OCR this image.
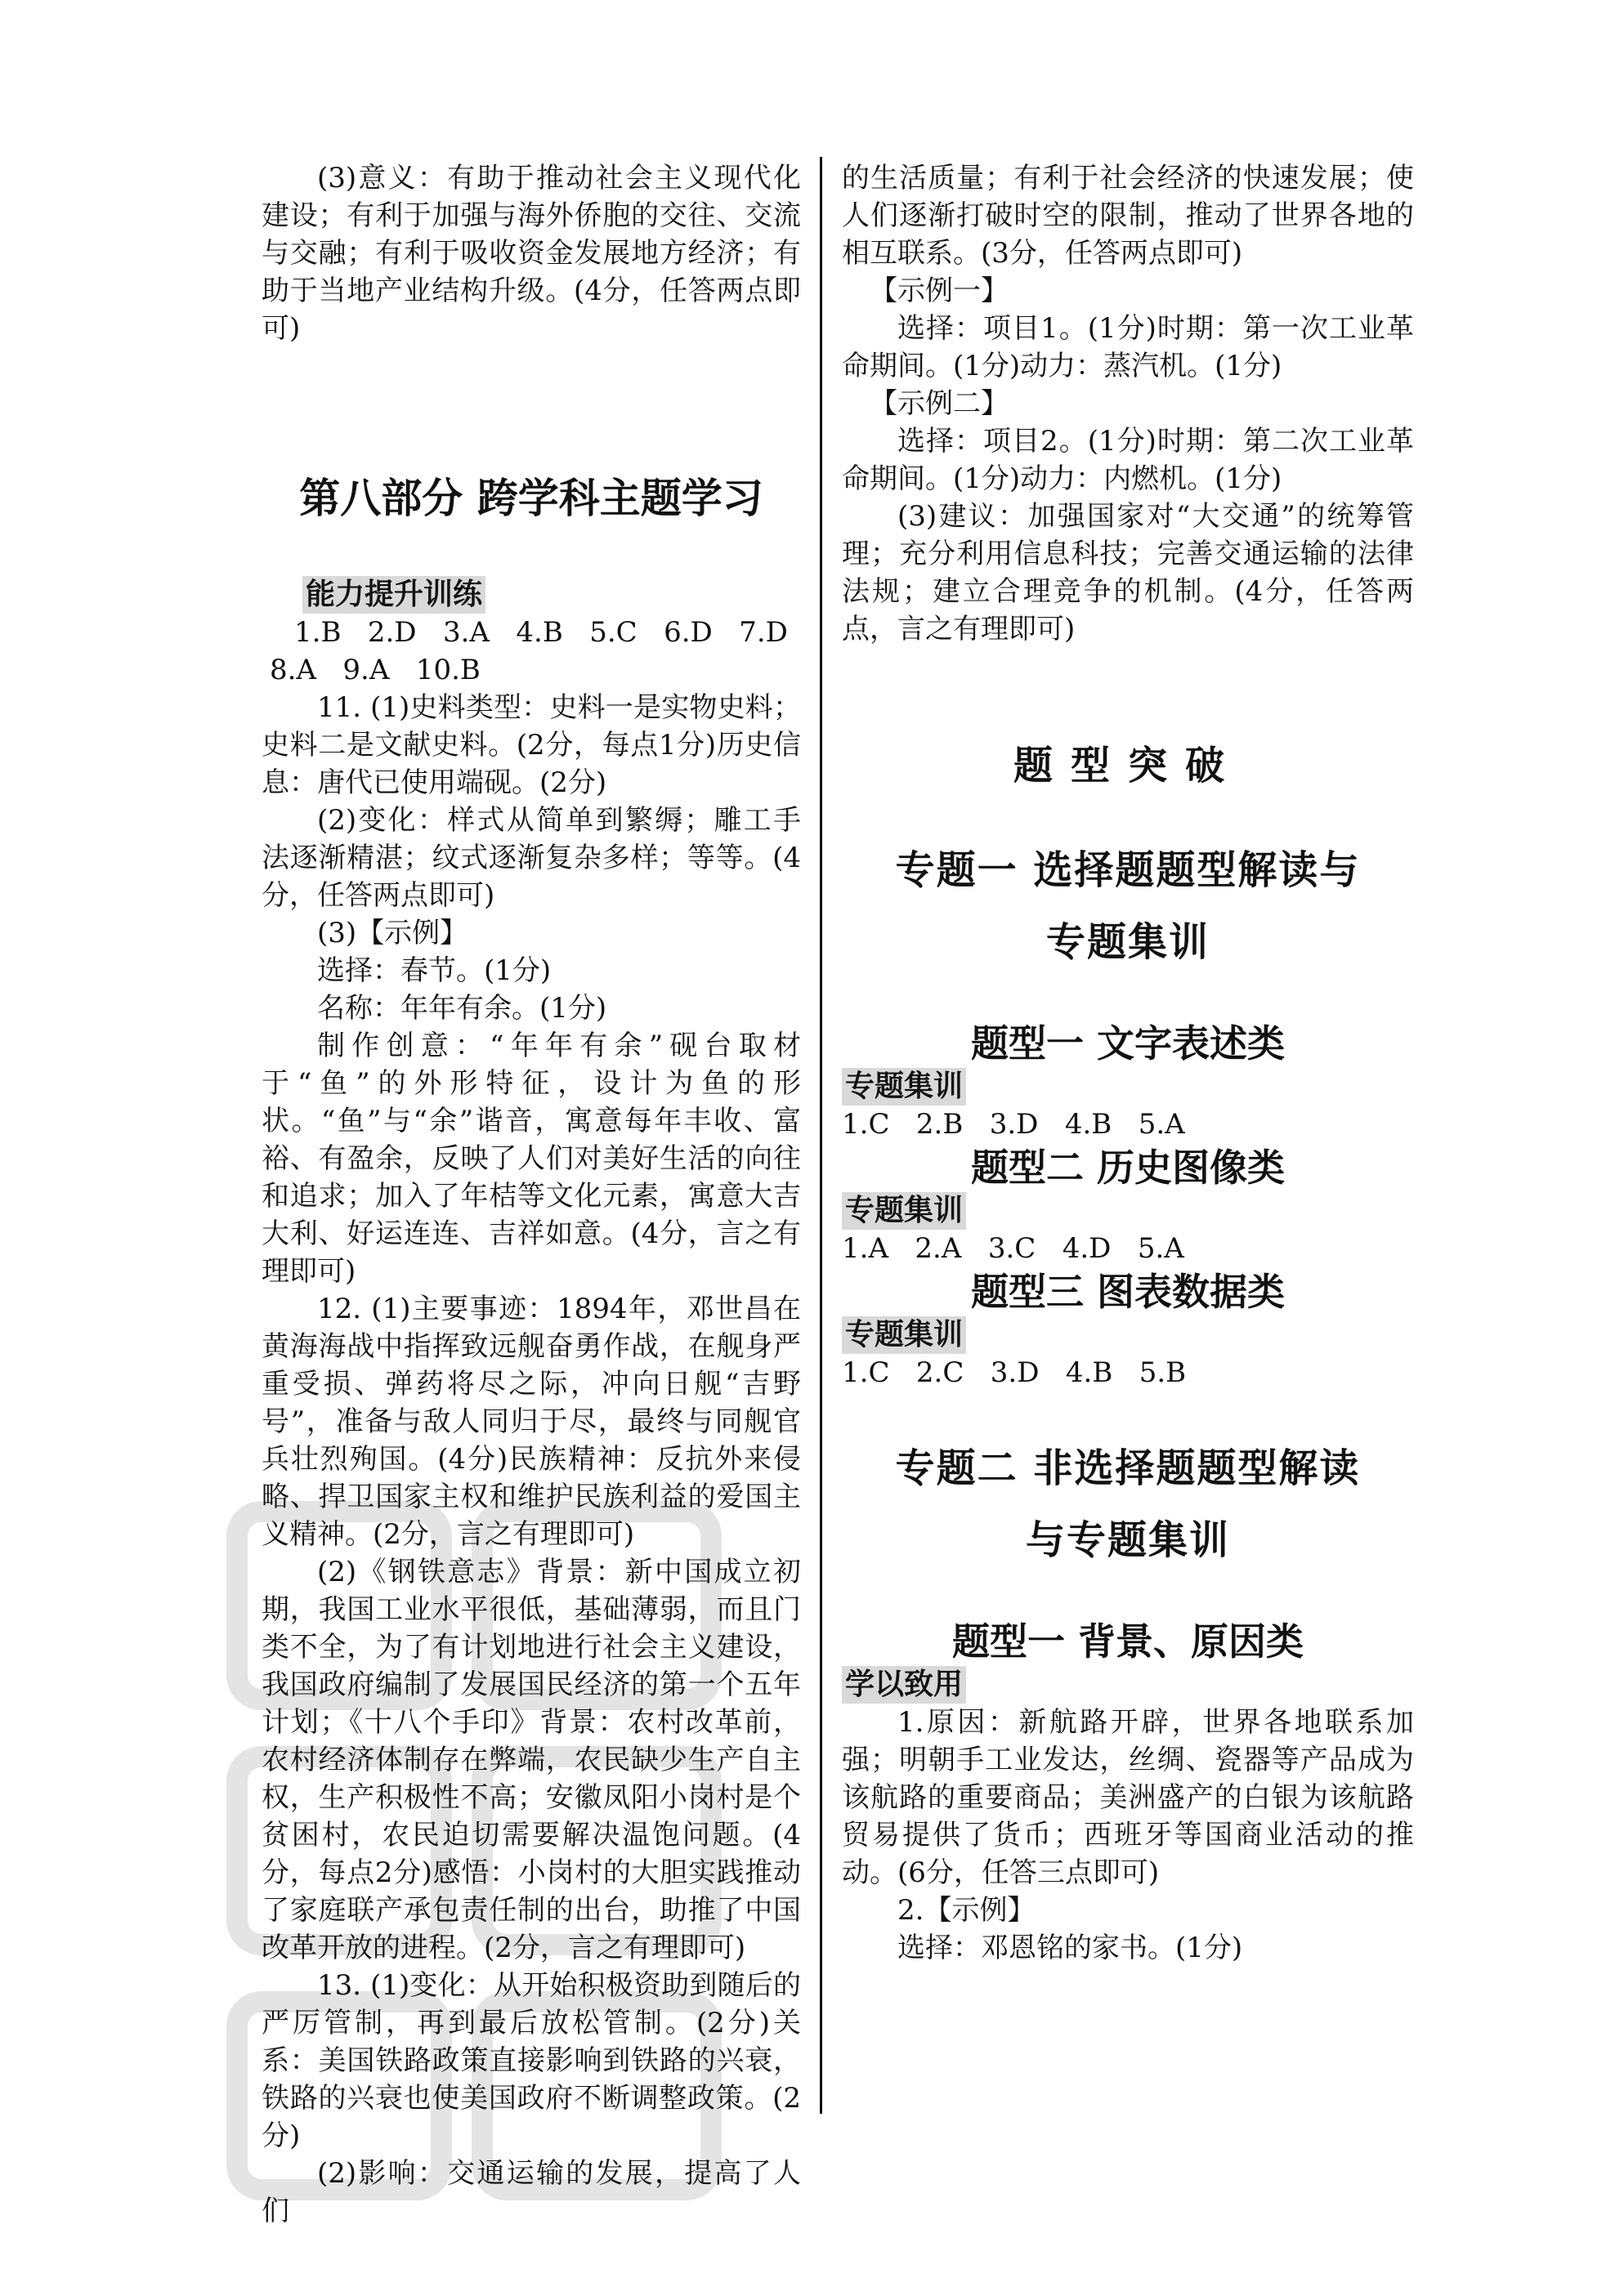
(3)意义：有助于推动社会主义现代化建设；有利于加强与海外侨胞的交往、交流与交融；有利于吸收资金发展地方经济；有助于当地产业结构升级。(4分，任答两点即可)

第八部分 跨学科主题学习

能力提升训练

1.B   2.D   3.A   4.B   5.C   6.D   7.D

8.A   9.A   10.B

11. (1)史料类型：史料一是实物史料；史料二是文献史料。(2分，每点1分)历史信息：唐代已使用端砚。(2分)

(2)变化：样式从简单到繁缛；雕工手法逐渐精湛；纹式逐渐复杂多样；等等。(4分，任答两点即可)

(3)【示例】

选择：春节。(1分)

名称：年年有余。(1分)

制作创意：“年年有余”砚台取材于“鱼”的外形特征，设计为鱼的形状。“鱼”与“余”谐音，寓意每年丰收、富裕、有盈余，反映了人们对美好生活的向往和追求；加入了年桔等文化元素，寓意大吉大利、好运连连、吉祥如意。(4分，言之有理即可)

12. (1)主要事迹：1894年，邓世昌在黄海海战中指挥致远舰奋勇作战，在舰身严重受损、弹药将尽之际，冲向日舰“吉野号”，准备与敌人同归于尽，最终与同舰官兵壮烈殉国。(4分)民族精神：反抗外来侵略、捍卫国家主权和维护民族利益的爱国主义精神。(2分，言之有理即可)

(2)《钢铁意志》背景：新中国成立初期，我国工业水平很低，基础薄弱，而且门类不全，为了有计划地进行社会主义建设，我国政府编制了发展国民经济的第一个五年计划；《十八个手印》背景：农村改革前，农村经济体制存在弊端，农民缺少生产自主权，生产积极性不高；安徽凤阳小岗村是个贫困村，农民迫切需要解决温饱问题。(4分，每点2分)感悟：小岗村的大胆实践推动了家庭联产承包责任制的出台，助推了中国改革开放的进程。(2分，言之有理即可)

13. (1)变化：从开始积极资助到随后的严厉管制，再到最后放松管制。(2分)关系：美国铁路政策直接影响到铁路的兴衰，铁路的兴衰也使美国政府不断调整政策。(2分)

(2)影响：交通运输的发展，提高了人们

的生活质量；有利于社会经济的快速发展；使人们逐渐打破时空的限制，推动了世界各地的相互联系。(3分，任答两点即可)

【示例一】

选择：项目1。(1分)时期：第一次工业革命期间。(1分)动力：蒸汽机。(1分)

【示例二】

选择：项目2。(1分)时期：第二次工业革命期间。(1分)动力：内燃机。(1分)

(3)建议：加强国家对“大交通”的统筹管理；充分利用信息科技；完善交通运输的法律法规；建立合理竞争的机制。(4分，任答两点，言之有理即可)

题型突破

专题一 选择题题型解读与

专题集训

题型一 文字表述类

专题集训

1.C   2.B   3.D   4.B   5.A

题型二 历史图像类

专题集训

1.A   2.A   3.C   4.D   5.A

题型三 图表数据类

专题集训

1.C   2.C   3.D   4.B   5.B

专题二 非选择题题型解读

与专题集训

题型一 背景、原因类

学以致用

1.原因：新航路开辟，世界各地联系加强；明朝手工业发达，丝绸、瓷器等产品成为该航路的重要商品；美洲盛产的白银为该航路贸易提供了货币；西班牙等国商业活动的推动。(6分，任答三点即可)

2.【示例】

选择：邓恩铭的家书。(1分)
